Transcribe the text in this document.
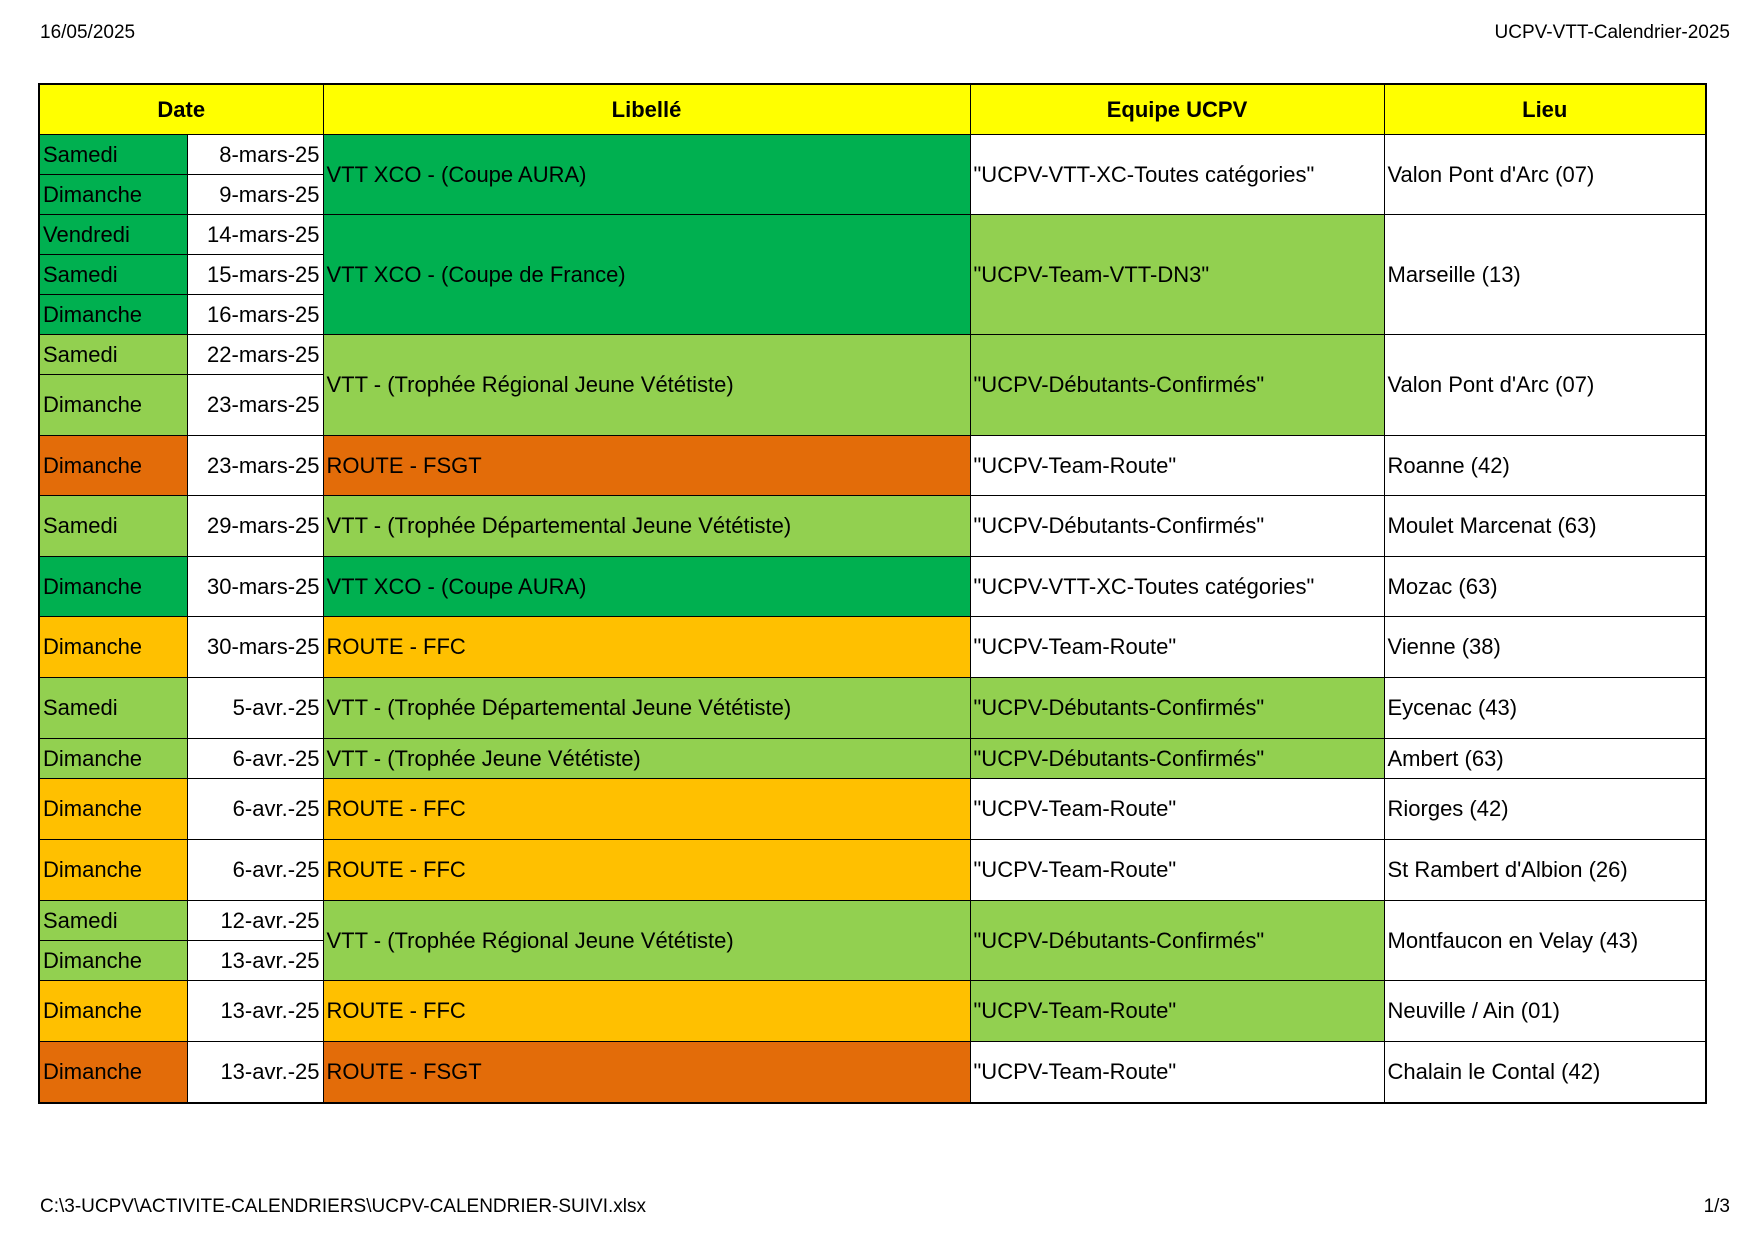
16/05/2025	UCPV-VTT-Calendrier-2025
Date		Libellé	Equipe UCPV	Lieu
Samedi	8-mars-25	VTT XCO - (Coupe AURA)	"UCPV-VTT-XC-Toutes catégories"	Valon Pont d'Arc (07)
Dimanche	9-mars-25			
Vendredi	14-mars-25	VTT XCO - (Coupe de France)	"UCPV-Team-VTT-DN3"	Marseille (13)
Samedi	15-mars-25			
Dimanche	16-mars-25			
Samedi	22-mars-25	VTT - (Trophée Régional Jeune Vététiste)	"UCPV-Débutants-Confirmés"	Valon Pont d'Arc (07)
Dimanche	23-mars-25			
Dimanche	23-mars-25	ROUTE - FSGT	"UCPV-Team-Route"	Roanne (42)
Samedi	29-mars-25	VTT - (Trophée Départemental Jeune Vététiste)	"UCPV-Débutants-Confirmés"	Moulet Marcenat (63)
Dimanche	30-mars-25	VTT XCO - (Coupe AURA)	"UCPV-VTT-XC-Toutes catégories"	Mozac (63)
Dimanche	30-mars-25	ROUTE - FFC	"UCPV-Team-Route"	Vienne (38)
Samedi	5-avr.-25	VTT - (Trophée Départemental Jeune Vététiste)	"UCPV-Débutants-Confirmés"	Eycenac (43)
Dimanche	6-avr.-25	VTT - (Trophée Jeune Vététiste)	"UCPV-Débutants-Confirmés"	Ambert (63)
Dimanche	6-avr.-25	ROUTE - FFC	"UCPV-Team-Route"	Riorges (42)
Dimanche	6-avr.-25	ROUTE - FFC	"UCPV-Team-Route"	St Rambert d'Albion (26)
Samedi	12-avr.-25	VTT - (Trophée Régional Jeune Vététiste)	"UCPV-Débutants-Confirmés"	Montfaucon en Velay (43)
Dimanche	13-avr.-25			
Dimanche	13-avr.-25	ROUTE - FFC	"UCPV-Team-Route"	Neuville / Ain (01)
Dimanche	13-avr.-25	ROUTE - FSGT	"UCPV-Team-Route"	Chalain le Contal (42)
C:\3-UCPV\ACTIVITE-CALENDRIERS\UCPV-CALENDRIER-SUIVI.xlsx	1/3
